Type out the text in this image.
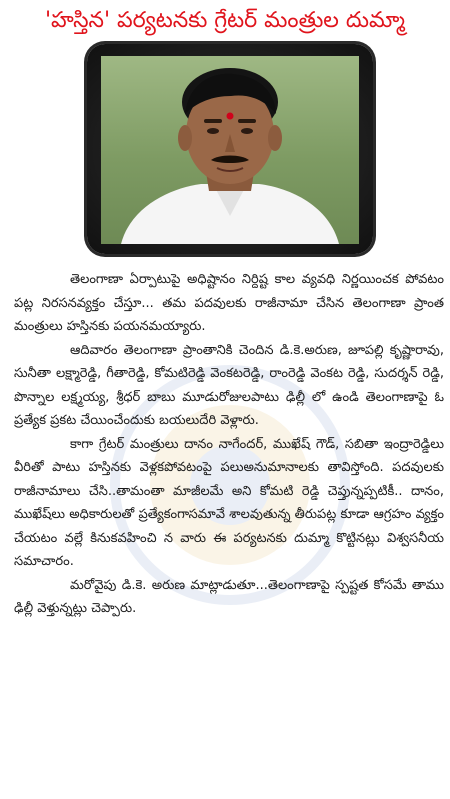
'హస్తిన' పర్యటనకు గ్రేటర్ మంత్రుల దుమ్మా

తెలంగాణా ఏర్పాటుపై అధిష్టానం నిర్దిష్ట కాల వ్యవధి నిర్ణయించక పోవటం పట్ల నిరసనవ్యక్తం చేస్తూ... తమ పదవులకు రాజీనామా చేసిన తెలంగాణా ప్రాంత మంత్రులు హస్తినకు పయనమయ్యారు.

ఆదివారం తెలంగాణా ప్రాంతానికి చెందిన డి.కె.అరుణ, జూపల్లి కృష్ణారావు, సునీతా లక్ష్మారెడ్డి, గీతారెడ్డి, కోమటిరెడ్డి వెంకటరెడ్డి, రాంరెడ్డి వెంకట రెడ్డి, సుదర్శన్ రెడ్డి, పొన్నాల లక్ష్మయ్య, శ్రీధర్ బాబు మూడురోజులపాటు ఢిల్లీ లో ఉండి తెలంగాణాపై ఓ ప్రత్యేక ప్రకట చేయించేందుకు బయలుదేరి వెళ్లారు.

కాగా గ్రేటర్ మంత్రులు దానం నాగేందర్, ముఖేష్ గౌడ్, సబితా ఇంద్రారెడ్డిలు వీరితో పాటు హస్తినకు వెళ్లకపోవటంపై పలుఅనుమానాలకు తావిస్తోంది. పదవులకు రాజీనామాలు చేసి..తామంతా మాజీలమే అని కోమటి రెడ్డి చెప్తున్నప్పటికీ.. దానం, ముఖేష్‌లు అధికారులతో ప్రత్యేకంగాసమావే శాలవుతున్న తీరుపట్ల కూడా ఆగ్రహం వ్యక్తం చేయటం వల్లే కినుకవహించి న వారు ఈ పర్యటనకు దుమ్మా కొట్టినట్లు విశ్వసనీయ సమాచారం.

మరోవైపు డి.కె. అరుణ మాట్లాడుతూ...తెలంగాణాపై స్పష్టత కోసమే తాము ఢిల్లీ వెళ్తున్నట్లు చెప్పారు.
